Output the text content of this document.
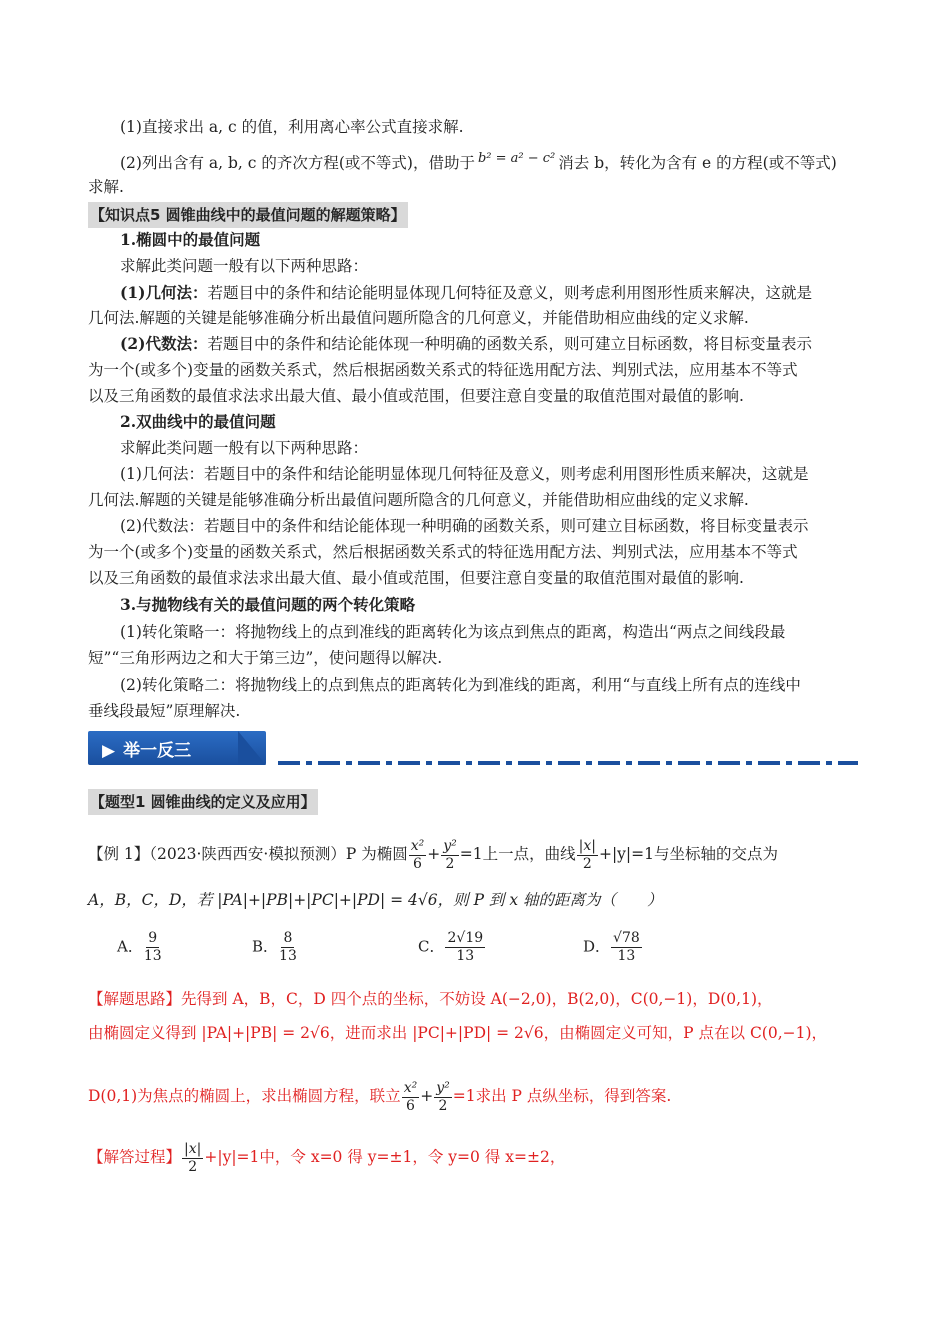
(1)直接求出 a, c 的值，利用离心率公式直接求解.
(2)列出含有 a, b, c 的齐次方程(或不等式)，借助于 $^{b^2 = a^2 - c^2}$ 消去 b，转化为含有 e 的方程(或不等式)
求解.
【知识点5 圆锥曲线中的最值问题的解题策略】
1.椭圆中的最值问题
求解此类问题一般有以下两种思路：
(1)几何法：若题目中的条件和结论能明显体现几何特征及意义，则考虑利用图形性质来解决，这就是
几何法.解题的关键是能够准确分析出最值问题所隐含的几何意义，并能借助相应曲线的定义求解.
(2)代数法：若题目中的条件和结论能体现一种明确的函数关系，则可建立目标函数，将目标变量表示
为一个(或多个)变量的函数关系式，然后根据函数关系式的特征选用配方法、判别式法，应用基本不等式
以及三角函数的最值求法求出最大值、最小值或范围，但要注意自变量的取值范围对最值的影响.
2.双曲线中的最值问题
求解此类问题一般有以下两种思路：
(1)几何法：若题目中的条件和结论能明显体现几何特征及意义，则考虑利用图形性质来解决，这就是
几何法.解题的关键是能够准确分析出最值问题所隐含的几何意义，并能借助相应曲线的定义求解.
(2)代数法：若题目中的条件和结论能体现一种明确的函数关系，则可建立目标函数，将目标变量表示
为一个(或多个)变量的函数关系式，然后根据函数关系式的特征选用配方法、判别式法，应用基本不等式
以及三角函数的最值求法求出最大值、最小值或范围，但要注意自变量的取值范围对最值的影响.
3.与抛物线有关的最值问题的两个转化策略
(1)转化策略一：将抛物线上的点到准线的距离转化为该点到焦点的距离，构造出“两点之间线段最
短”“三角形两边之和大于第三边”，使问题得以解决.
(2)转化策略二：将抛物线上的点到焦点的距离转化为到准线的距离，利用“与直线上所有点的连线中
垂线段最短”原理解决.
▶ 举一反三
【题型1 圆锥曲线的定义及应用】
【例 1】（2023·陕西西安·模拟预测）P 为椭圆 $\frac{\text{x²}}{6} + \frac{\text{y²}}{2} =1$上一点，曲线 $\frac{|x|}{2} +|y|=1$与坐标轴的交点为
A，B，C，D，若 |PA|+|PB|+|PC|+|PD| = 4√6，则 P 到 x 轴的距离为（　　）
A． $\frac{9}{13}$	B． $\frac{8}{13}$	C． $\frac{2√19}{13}$	D． $\frac{√78}{13}$
【解题思路】先得到 A，B，C，D 四个点的坐标，不妨设 A(−2,0)，B(2,0)，C(0,−1)，D(0,1)，
由椭圆定义得到 |PA|+|PB| = 2√6，进而求出 |PC|+|PD| = 2√6，由椭圆定义可知，P 点在以 C(0,−1)，
D(0,1)为焦点的椭圆上，求出椭圆方程，联立 $\frac{\text{x²}}{6} + \frac{\text{y²}}{2} =1$求出 P 点纵坐标，得到答案.
【解答过程】 $\frac{|x|}{2} +|y|=1$中，令 x=0 得 y=±1，令 y=0 得 x=±2，
